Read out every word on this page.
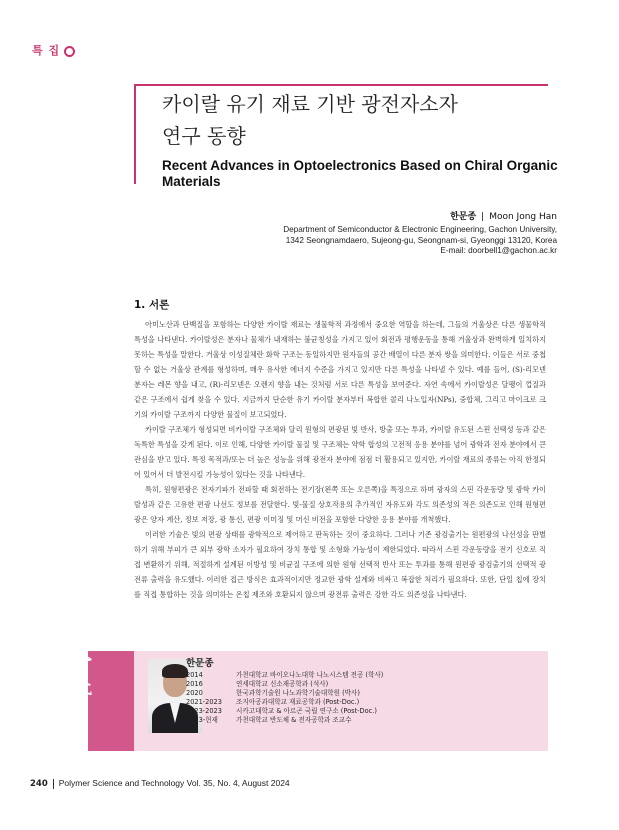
특 집
카이랄 유기 재료 기반 광전자소자
연구 동향
Recent Advances in Optoelectronics Based on Chiral Organic Materials
한문종 | Moon Jong Han
Department of Semiconductor & Electronic Engineering, Gachon University,
1342 Seongnamdaero, Sujeong-gu, Seongnam-si, Gyeonggi 13120, Korea
E-mail: doorbell1@gachon.ac.kr
1. 서론

아미노산과 단백질을 포함하는 다양한 카이랄 재료는 생물학적 과정에서 중요한 역할을 하는데, 그들의 거울상은 다른 생물학적 특성을 나타낸다. 카이랄성은 분자나 물체가 내재하는 불균칭성을 가지고 있어 회전과 평행운동을 통해 거울상과 완벽하게 일치하지 못하는 특성을 말한다. 거울상 이성질체란 화학 구조는 동일하지만 원자들의 공간 배열이 다른 분자 쌍을 의미한다. 이들은 서로 중첩할 수 없는 거울상 관계를 형성하며, 매우 유사한 에너지 수준을 가지고 있지만 다른 특성을 나타낼 수 있다. 예를 들어, (S)-리모넨 분자는 레몬 향을 내고, (R)-리모넨은 오렌지 향을 내는 것처럼 서로 다른 특성을 보여준다. 자연 속에서 카이랄성은 달팽이 껍질과 같은 구조에서 쉽게 찾을 수 있다. 지금까지 단순한 유기 카이랄 분자부터 복합한 콜리 나노입자(NPs), 중합체, 그리고 마이크로 크기의 카이랄 구조까지 다양한 물질이 보고되었다.

카이랄 구조체가 형성되면 비카이랄 구조체와 달리 원형의 편광된 빛 반사, 방출 또는 투과, 카이랄 유도된 스핀 선택성 등과 같은 독특한 특성을 갖게 된다. 이로 인해, 다양한 카이랄 물질 및 구조체는 약학 합성의 고전적 응용 분야를 넘어 광학과 전자 분야에서 큰 관심을 받고 있다. 특정 목적과/또는 더 높은 성능을 위해 광전자 분야에 점점 더 활용되고 있지만, 카이랄 재료의 종류는 아직 한정되어 있어서 더 발전시킬 가능성이 있다는 것을 나타낸다.

특히, 원형편광은 전자기파가 전파할 때 회전하는 전기장(왼쪽 또는 오른쪽)을 특징으로 하며 광자의 스핀 각운동량 및 광학 카이랄성과 같은 고유한 편광 나선도 정보를 전달한다. 빛-물질 상호작용의 추가적인 자유도와 각도 의존성의 적은 의존도로 인해 원형편광은 양자 계산, 정보 저장, 광 통신, 편광 이미징 및 머신 비전을 포함한 다양한 응용 분야를 개척했다.

이러한 기술은 빛의 편광 상태를 광학적으로 제어하고 판독하는 것이 중요하다. 그러나 기존 광검출기는 원편광의 나선성을 판별하기 위해 부피가 큰 외부 광학 소자가 필요하여 장치 통합 및 소형화 가능성이 제한되었다. 따라서 스핀 각운동량을 전기 신호로 직접 변환하기 위해, 적절하게 설계된 이방성 및 비균질 구조에 의한 원형 선택적 반사 또는 투과를 통해 원편광 광검출기의 선택적 광전류 출력을 유도했다. 이러한 접근 방식은 효과적이지만 정교한 광학 설계와 비싸고 복잡한 처리가 필요하다. 또한, 단일 칩에 장치를 직접 통합하는 것을 의미하는 온칩 제조와 호환되지 않으며 광전류 출력은 강한 각도 의존성을 나타낸다.

Author	한문종
2014	가천대학교 바이오나노대학 나노시스템 전공 (학사)
2016	연세대학교 신소재공학과 (석사)
2020	한국과학기술원 나노과학기술대학원 (박사)
2021-2023 조지아공과대학교 재료공학과 (Post-Doc.)
2023-2023 시카고대학교 & 아르곤 국립 연구소 (Post-Doc.)
2023-현재	가천대학교 반도체 & 전자공학과 조교수
240 Polymer Science and Technology Vol. 35, No. 4, August 2024
